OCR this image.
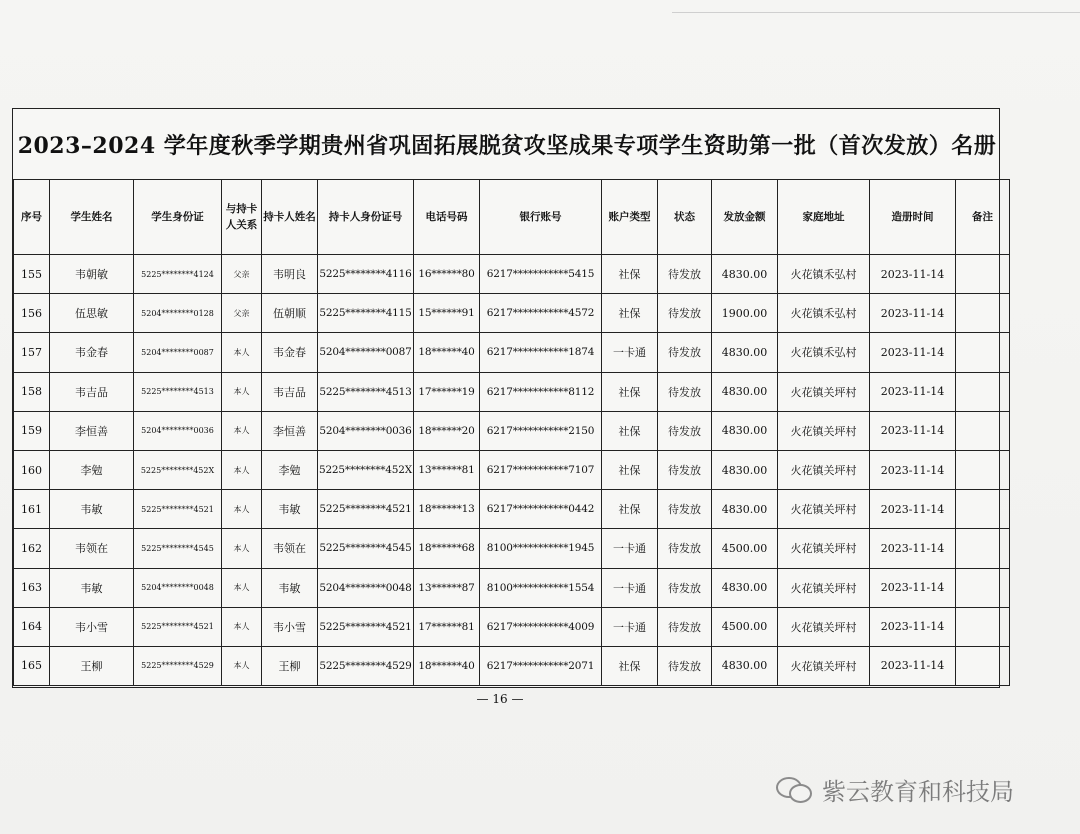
2023–2024 学年度秋季学期贵州省巩固拓展脱贫攻坚成果专项学生资助第一批（首次发放）名册
序号	学生姓名	学生身份证	与持卡人关系	持卡人姓名	持卡人身份证号	电话号码	银行账号	账户类型	状态	发放金额	家庭地址	造册时间	备注
155	韦朝敏	5225********4124	父亲	韦明良	5225********4116	16******80	6217***********5415	社保	待发放	4830.00	火花镇禾弘村	2023-11-14	
156	伍思敏	5204********0128	父亲	伍朝顺	5225********4115	15******91	6217***********4572	社保	待发放	1900.00	火花镇禾弘村	2023-11-14	
157	韦金春	5204********0087	本人	韦金春	5204********0087	18******40	6217***********1874	一卡通	待发放	4830.00	火花镇禾弘村	2023-11-14	
158	韦吉品	5225********4513	本人	韦吉品	5225********4513	17******19	6217***********8112	社保	待发放	4830.00	火花镇关坪村	2023-11-14	
159	李恒善	5204********0036	本人	李恒善	5204********0036	18******20	6217***********2150	社保	待发放	4830.00	火花镇关坪村	2023-11-14	
160	李勉	5225********452X	本人	李勉	5225********452X	13******81	6217***********7107	社保	待发放	4830.00	火花镇关坪村	2023-11-14	
161	韦敏	5225********4521	本人	韦敏	5225********4521	18******13	6217***********0442	社保	待发放	4830.00	火花镇关坪村	2023-11-14	
162	韦领在	5225********4545	本人	韦领在	5225********4545	18******68	8100***********1945	一卡通	待发放	4500.00	火花镇关坪村	2023-11-14	
163	韦敏	5204********0048	本人	韦敏	5204********0048	13******87	8100***********1554	一卡通	待发放	4830.00	火花镇关坪村	2023-11-14	
164	韦小雪	5225********4521	本人	韦小雪	5225********4521	17******81	6217***********4009	一卡通	待发放	4500.00	火花镇关坪村	2023-11-14	
165	王柳	5225********4529	本人	王柳	5225********4529	18******40	6217***********2071	社保	待发放	4830.00	火花镇关坪村	2023-11-14	
— 16 —
紫云教育和科技局
